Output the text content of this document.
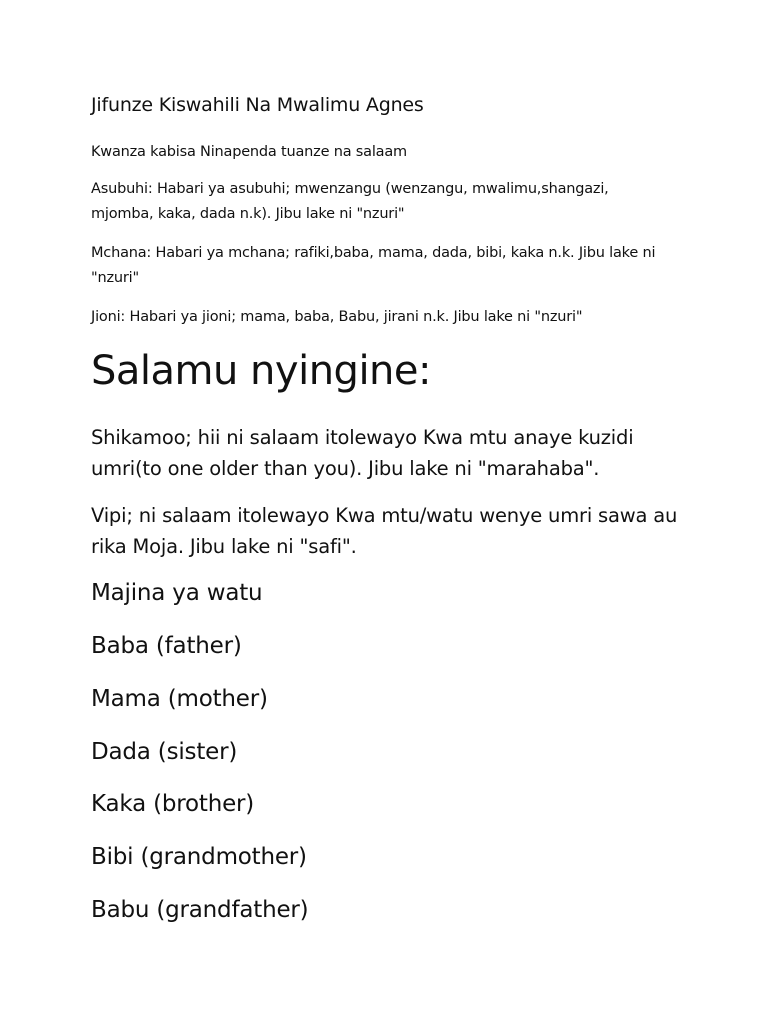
Jifunze Kiswahili Na Mwalimu Agnes

Kwanza kabisa Ninapenda tuanze na salaam

Asubuhi: Habari ya asubuhi; mwenzangu (wenzangu, mwalimu,shangazi,
mjomba, kaka, dada n.k). Jibu lake ni "nzuri"

Mchana: Habari ya mchana; rafiki,baba, mama, dada, bibi, kaka n.k. Jibu lake ni
"nzuri"

Jioni: Habari ya jioni; mama, baba, Babu, jirani n.k. Jibu lake ni "nzuri"

Salamu nyingine:

Shikamoo; hii ni salaam itolewayo Kwa mtu anaye kuzidi
umri(to one older than you). Jibu lake ni "marahaba".

Vipi; ni salaam itolewayo Kwa mtu/watu wenye umri sawa au
rika Moja. Jibu lake ni "safi".

Majina ya watu

Baba (father)

Mama (mother)

Dada (sister)

Kaka (brother)

Bibi (grandmother)

Babu (grandfather)
